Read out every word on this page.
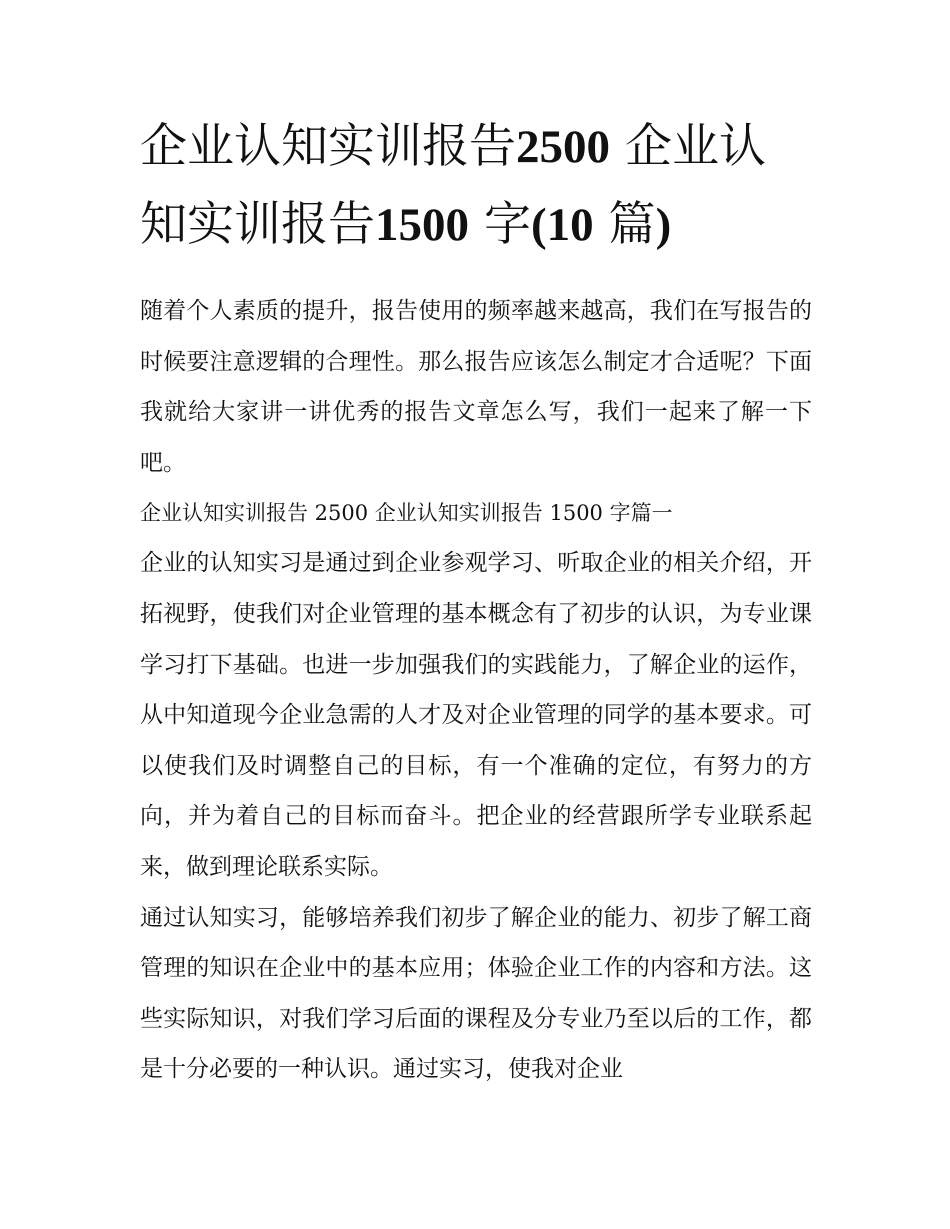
企业认知实训报告2500 企业认知实训报告1500 字(10 篇)

随着个人素质的提升，报告使用的频率越来越高，我们在写报告的时候要注意逻辑的合理性。那么报告应该怎么制定才合适呢？下面我就给大家讲一讲优秀的报告文章怎么写，我们一起来了解一下吧。

企业认知实训报告 2500 企业认知实训报告 1500 字篇一

企业的认知实习是通过到企业参观学习、听取企业的相关介绍，开拓视野，使我们对企业管理的基本概念有了初步的认识，为专业课学习打下基础。也进一步加强我们的实践能力，了解企业的运作，从中知道现今企业急需的人才及对企业管理的同学的基本要求。可以使我们及时调整自己的目标，有一个准确的定位，有努力的方向，并为着自己的目标而奋斗。把企业的经营跟所学专业联系起来，做到理论联系实际。

通过认知实习，能够培养我们初步了解企业的能力、初步了解工商管理的知识在企业中的基本应用；体验企业工作的内容和方法。这些实际知识，对我们学习后面的课程及分专业乃至以后的工作，都是十分必要的一种认识。通过实习，使我对企业
